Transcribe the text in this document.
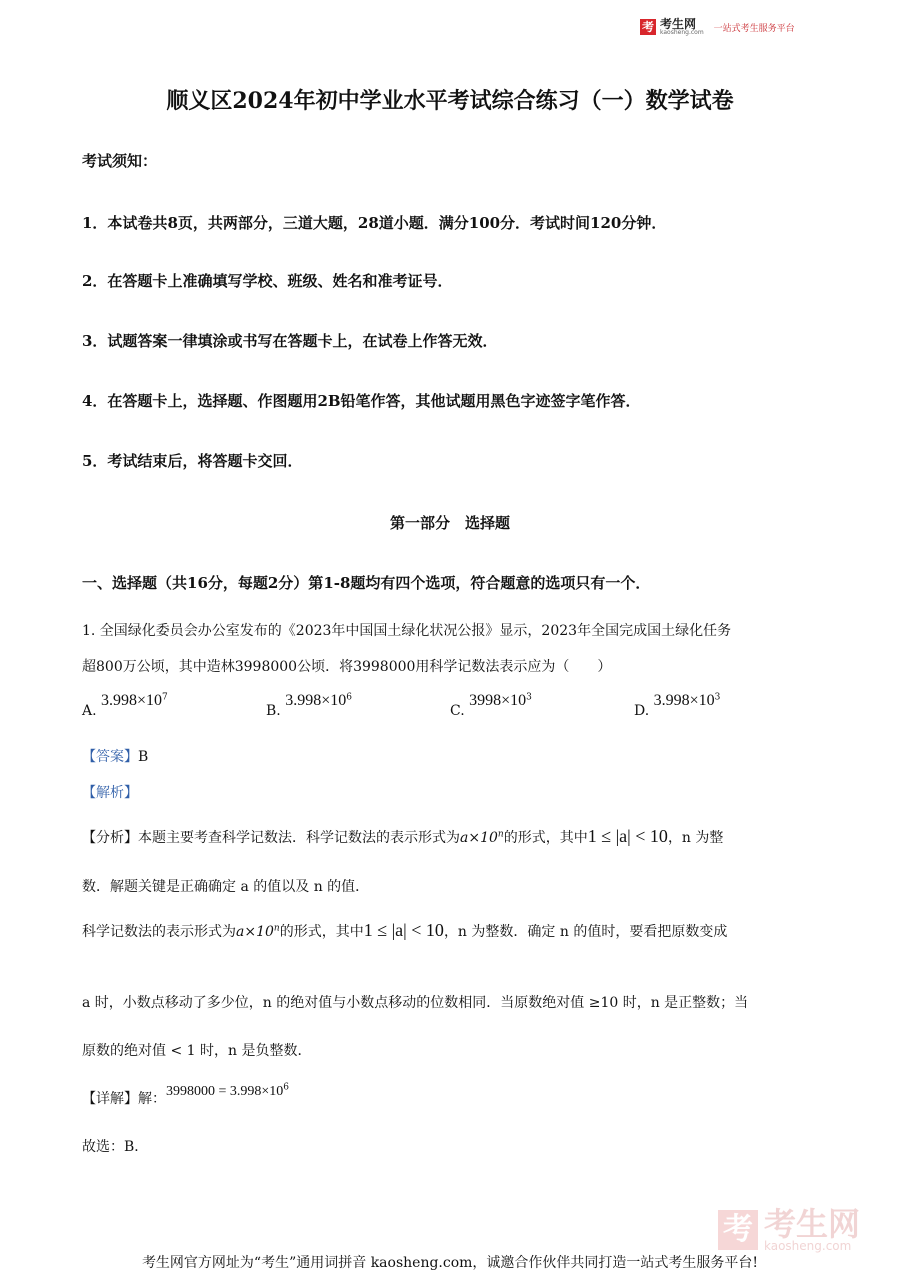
考 考生网
kaosheng.com 一站式考生服务平台
顺义区2024年初中学业水平考试综合练习（一）数学试卷
考试须知：
1．本试卷共8页，共两部分，三道大题，28道小题．满分100分．考试时间120分钟．
2．在答题卡上准确填写学校、班级、姓名和准考证号．
3．试题答案一律填涂或书写在答题卡上，在试卷上作答无效．
4．在答题卡上，选择题、作图题用2B铅笔作答，其他试题用黑色字迹签字笔作答．
5．考试结束后，将答题卡交回．
第一部分　选择题
一、选择题（共16分，每题2分）第1-8题均有四个选项，符合题意的选项只有一个．
1. 全国绿化委员会办公室发布的《2023年中国国土绿化状况公报》显示，2023年全国完成国土绿化任务
超800万公顷，其中造林3998000公顷．将3998000用科学记数法表示应为（　　）
A. $3.998\times 10^7$
B. $3.998\times 10^6$
C. $3998\times 10^3$
D. $3.998\times 10^3$
【答案】B
【解析】
【分析】本题主要考查科学记数法．科学记数法的表示形式为$a\times 10^n$的形式，其中1 ≤ |a| < 10，n 为整
数．解题关键是正确确定 a 的值以及 n 的值．
科学记数法的表示形式为$a\times 10^n$的形式，其中1 ≤ |a| < 10，n 为整数．确定 n 的值时，要看把原数变成
a 时，小数点移动了多少位，n 的绝对值与小数点移动的位数相同．当原数绝对值 ≥10 时，n 是正整数；当
原数的绝对值 < 1 时，n 是负整数．
【详解】解：$3998000 = 3.998\times 10^6$
故选：B．
考 考生网
kaosheng.com
考生网官方网址为“考生”通用词拼音 kaosheng.com，诚邀合作伙伴共同打造一站式考生服务平台!
